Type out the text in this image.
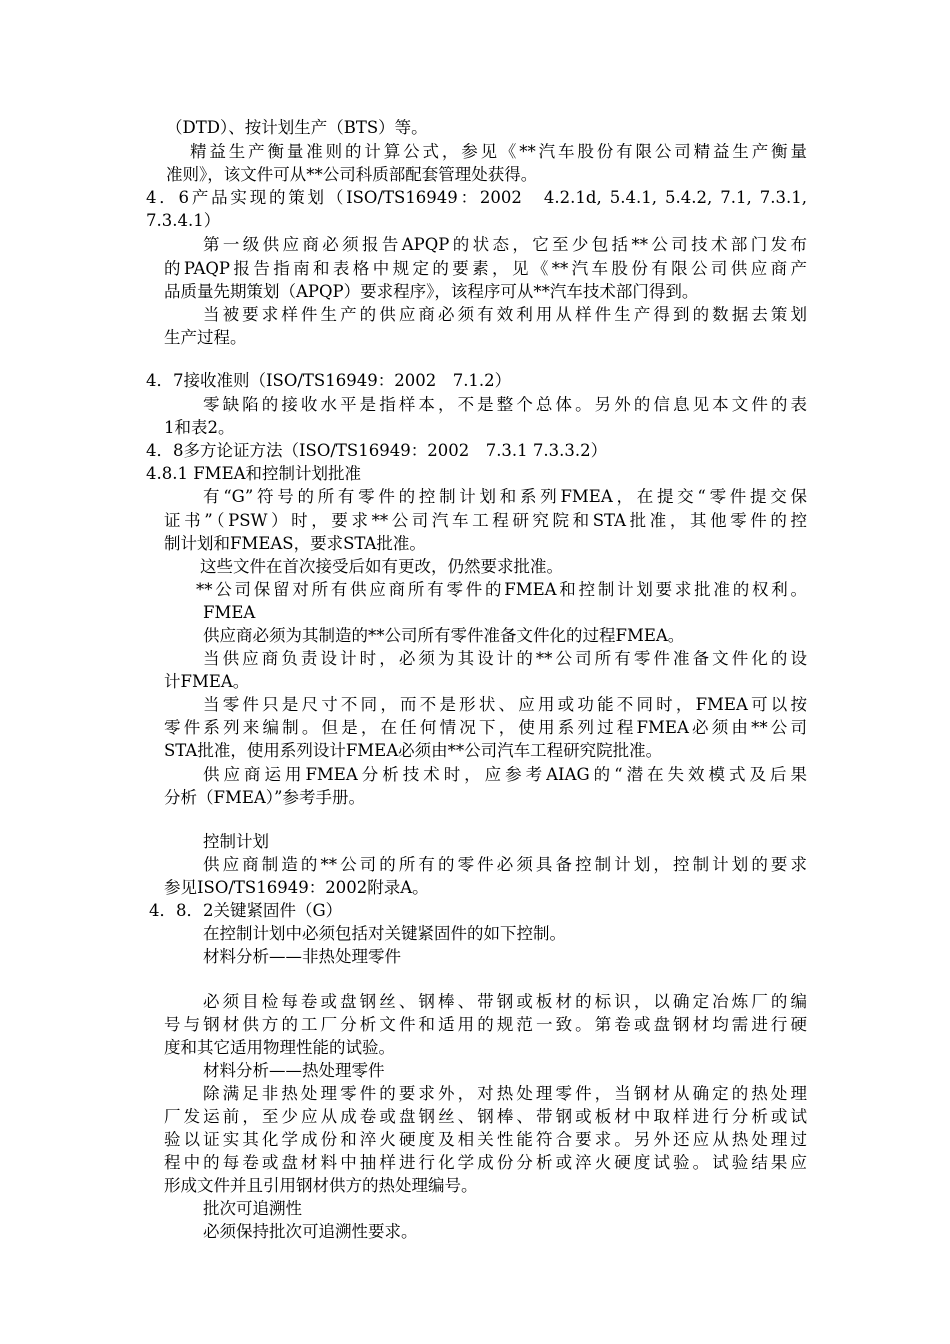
（DTD）、按计划生产（BTS）等。
精益生产衡量准则的计算公式，参见《**汽车股份有限公司精益生产衡量
准则》，该文件可从**公司科质部配套管理处获得。
4．6产品实现的策划（ISO/TS16949：2002　4.2.1d, 5.4.1, 5.4.2, 7.1, 7.3.1,
7.3.4.1）
第一级供应商必须报告APQP的状态，它至少包括**公司技术部门发布
的PAQP报告指南和表格中规定的要素，见《**汽车股份有限公司供应商产
品质量先期策划（APQP）要求程序》，该程序可从**汽车技术部门得到。
当被要求样件生产的供应商必须有效利用从样件生产得到的数据去策划
生产过程。
4．7接收准则（ISO/TS16949：2002　7.1.2）
零缺陷的接收水平是指样本，不是整个总体。另外的信息见本文件的表
1和表2。
4．8多方论证方法（ISO/TS16949：2002　7.3.1 7.3.3.2）
4.8.1 FMEA和控制计划批准
有“G”符号的所有零件的控制计划和系列FMEA，在提交“零件提交保
证书”（PSW）时，要求**公司汽车工程研究院和STA批准，其他零件的控
制计划和FMEAS，要求STA批准。
这些文件在首次接受后如有更改，仍然要求批准。
**公司保留对所有供应商所有零件的FMEA和控制计划要求批准的权利。
FMEA
供应商必须为其制造的**公司所有零件准备文件化的过程FMEA。
当供应商负责设计时，必须为其设计的**公司所有零件准备文件化的设
计FMEA。
当零件只是尺寸不同，而不是形状、应用或功能不同时，FMEA可以按
零件系列来编制。但是，在任何情况下，使用系列过程FMEA必须由**公司
STA批准，使用系列设计FMEA必须由**公司汽车工程研究院批准。
供应商运用FMEA分析技术时，应参考AIAG的“潜在失效模式及后果
分析（FMEA）”参考手册。
控制计划
供应商制造的**公司的所有的零件必须具备控制计划，控制计划的要求
参见ISO/TS16949：2002附录A。
4．8．2关键紧固件（G）
在控制计划中必须包括对关键紧固件的如下控制。
材料分析——非热处理零件
必须目检每卷或盘钢丝、钢棒、带钢或板材的标识，以确定冶炼厂的编
号与钢材供方的工厂分析文件和适用的规范一致。第卷或盘钢材均需进行硬
度和其它适用物理性能的试验。
材料分析——热处理零件
除满足非热处理零件的要求外，对热处理零件，当钢材从确定的热处理
厂发运前，至少应从成卷或盘钢丝、钢棒、带钢或板材中取样进行分析或试
验以证实其化学成份和淬火硬度及相关性能符合要求。另外还应从热处理过
程中的每卷或盘材料中抽样进行化学成份分析或淬火硬度试验。试验结果应
形成文件并且引用钢材供方的热处理编号。
批次可追溯性
必须保持批次可追溯性要求。
